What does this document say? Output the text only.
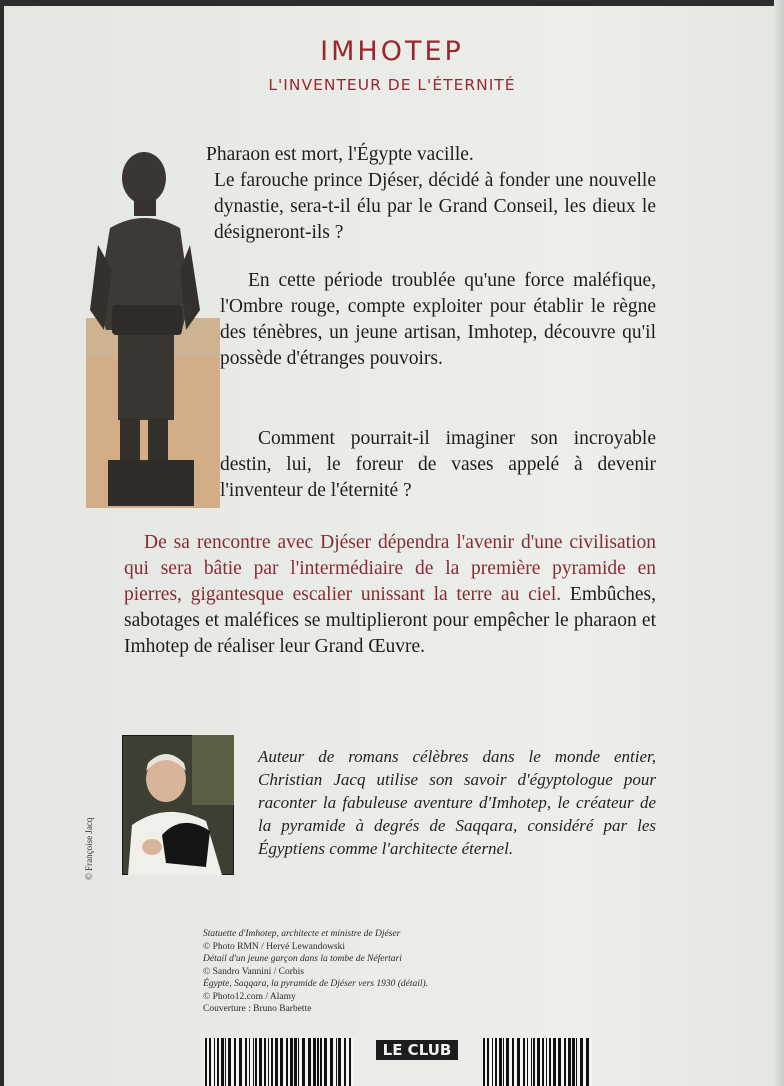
IMHOTEP
L'INVENTEUR DE L'ÉTERNITÉ

Pharaon est mort, l'Égypte vacille.
Le farouche prince Djéser, décidé à fonder une nouvelle dynastie, sera-t-il élu par le Grand Conseil, les dieux le désigneront-ils ?

En cette période troublée qu'une force maléfique, l'Ombre rouge, compte exploiter pour établir le règne des ténèbres, un jeune artisan, Imhotep, découvre qu'il possède d'étranges pouvoirs.

Comment pourrait-il imaginer son incroyable destin, lui, le foreur de vases appelé à devenir l'inventeur de l'éternité ?

De sa rencontre avec Djéser dépendra l'avenir d'une civilisation qui sera bâtie par l'intermédiaire de la première pyramide en pierres, gigantesque escalier unissant la terre au ciel. Embûches, sabotages et maléfices se multiplieront pour empêcher le pharaon et Imhotep de réaliser leur Grand Œuvre.

© Françoise Jacq

Auteur de romans célèbres dans le monde entier, Christian Jacq utilise son savoir d'égyptologue pour raconter la fabuleuse aventure d'Imhotep, le créateur de la pyramide à degrés de Saqqara, considéré par les Égyptiens comme l'architecte éternel.

Statuette d'Imhotep, architecte et ministre de Djéser
© Photo RMN / Hervé Lewandowski
Détail d'un jeune garçon dans la tombe de Néfertari
© Sandro Vannini / Corbis
Égypte, Saqqara, la pyramide de Djéser vers 1930 (détail).
© Photo12.com / Alamy
Couverture : Bruno Barbette
LE CLUB
